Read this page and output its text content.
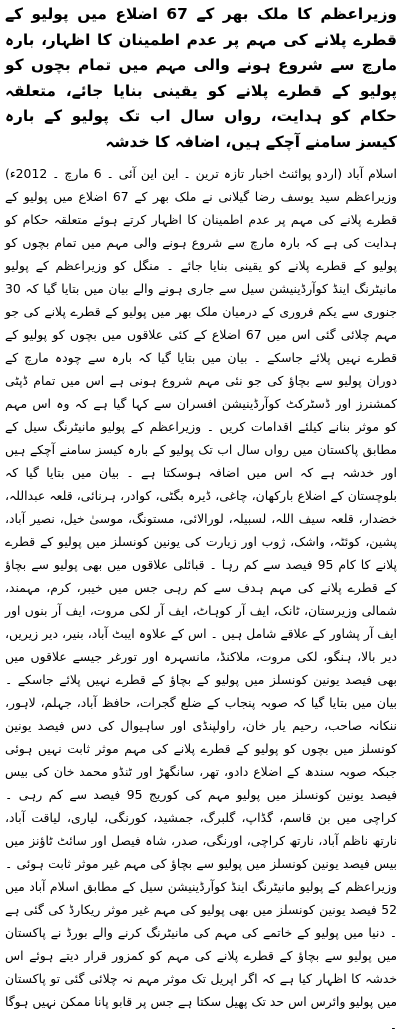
وزیراعظم کا ملک بھر کے 67 اضلاع میں پولیو کے قطرے پلانے کی مہم پر عدم اطمینان کا اظہار، بارہ مارچ سے شروع ہونے والی مہم میں تمام بچوں کو پولیو کے قطرے پلانے کو یقینی بنایا جائے، متعلقہ حکام کو ہدایت، رواں سال اب تک پولیو کے بارہ کیسز سامنے آچکے ہیں، اضافہ کا خدشہ

اسلام آباد (اردو پوائنٹ اخبار تازہ ترین ۔ این این آئی ۔ 6 مارچ ۔ 2012ء) وزیراعظم سید یوسف رضا گیلانی نے ملک بھر کے 67 اضلاع میں پولیو کے قطرے پلانے کی مہم پر عدم اطمینان کا اظہار کرتے ہوئے متعلقہ حکام کو ہدایت کی ہے کہ بارہ مارچ سے شروع ہونے والی مہم میں تمام بچوں کو پولیو کے قطرے پلانے کو یقینی بنایا جائے ۔ منگل کو وزیراعظم کے پولیو مانیٹرنگ اینڈ کوآرڈینیشن سیل سے جاری ہونے والے بیان میں بتایا گیا کہ 30 جنوری سے یکم فروری کے درمیان ملک بھر میں پولیو کے قطرے پلانے کی جو مہم چلائی گئی اس میں 67 اضلاع کے کئی علاقوں میں بچوں کو پولیو کے قطرے نہیں پلائے جاسکے ۔ بیان میں بتایا گیا کہ بارہ سے چودہ مارچ کے دوران پولیو سے بچاؤ کی جو نئی مہم شروع ہونی ہے اس میں تمام ڈپٹی کمشنرز اور ڈسٹرکٹ کوآرڈینیشن افسران سے کہا گیا ہے کہ وہ اس مہم کو موثر بنانے کیلئے اقدامات کریں ۔ وزیراعظم کے پولیو مانیٹرنگ سیل کے مطابق پاکستان میں رواں سال اب تک پولیو کے بارہ کیسز سامنے آچکے ہیں اور خدشہ ہے کہ اس میں اضافہ ہوسکتا ہے ۔ بیان میں بتایا گیا کہ بلوچستان کے اضلاع بارکھان، چاغی، ڈیرہ بگٹی، کوادر، ہرنائی، قلعہ عبداللہ، خضدار، قلعہ سیف اللہ، لسبیلہ، لورالائی، مستونگ، موسیٰ خیل، نصیر آباد، پشین، کوئٹہ، واشک، ژوب اور زیارت کی یونین کونسلز میں پولیو کے قطرے پلانے کا کام 95 فیصد سے کم رہا ۔ قبائلی علاقوں میں بھی پولیو سے بچاؤ کے قطرے پلانے کی مہم ہدف سے کم رہی جس میں خیبر، کرم، مہمند، شمالی وزیرستان، ٹانک، ایف آر کوہاٹ، ایف آر لکی مروت، ایف آر بنوں اور ایف آر پشاور کے علاقے شامل ہیں ۔ اس کے علاوہ ایبٹ آباد، بنیر، دیر زیریں، دیر بالا، ہنگو، لکی مروت، ملاکنڈ، مانسہرہ اور تورغر جیسے علاقوں میں بھی فیصد یونین کونسلز میں پولیو کے بچاؤ کے قطرے نہیں پلائے جاسکے ۔ بیان میں بتایا گیا کہ صوبہ پنجاب کے ضلع گجرات، حافظ آباد، جہلم، لاہور، ننکانہ صاحب، رحیم یار خان، راولپنڈی اور ساہیوال کی دس فیصد یونین کونسلز میں بچوں کو پولیو کے قطرے پلانے کی مہم موثر ثابت نہیں ہوئی جبکہ صوبہ سندھ کے اضلاع دادو، تھر، سانگھڑ اور ٹنڈو محمد خان کی بیس فیصد یونین کونسلز میں پولیو مہم کی کوریج 95 فیصد سے کم رہی ۔ کراچی میں بن قاسم، گڈاپ، گلبرگ، جمشید، کورنگی، لیاری، لیاقت آباد، نارتھ ناظم آباد، نارتھ کراچی، اورنگی، صدر، شاہ فیصل اور سائٹ ٹاؤنز میں بیس فیصد یونین کونسلز میں پولیو سے بچاؤ کی مہم غیر موثر ثابت ہوئی ۔ وزیراعظم کے پولیو مانیٹرنگ اینڈ کوآرڈینیشن سیل کے مطابق اسلام آباد میں 52 فیصد یونین کونسلز میں بھی پولیو کی مہم غیر موثر ریکارڈ کی گئی ہے ۔ دنیا میں پولیو کے خاتمے کی مہم کی مانیٹرنگ کرنے والے بورڈ نے پاکستان میں پولیو سے بچاؤ کے قطرے پلانے کی مہم کو کمزور قرار دیتے ہوئے اس خدشہ کا اظہار کیا ہے کہ اگر اپریل تک موثر مہم نہ چلائی گئی تو پاکستان میں پولیو وائرس اس حد تک پھیل سکتا ہے جس پر قابو پانا ممکن نہیں ہوگا ۔
